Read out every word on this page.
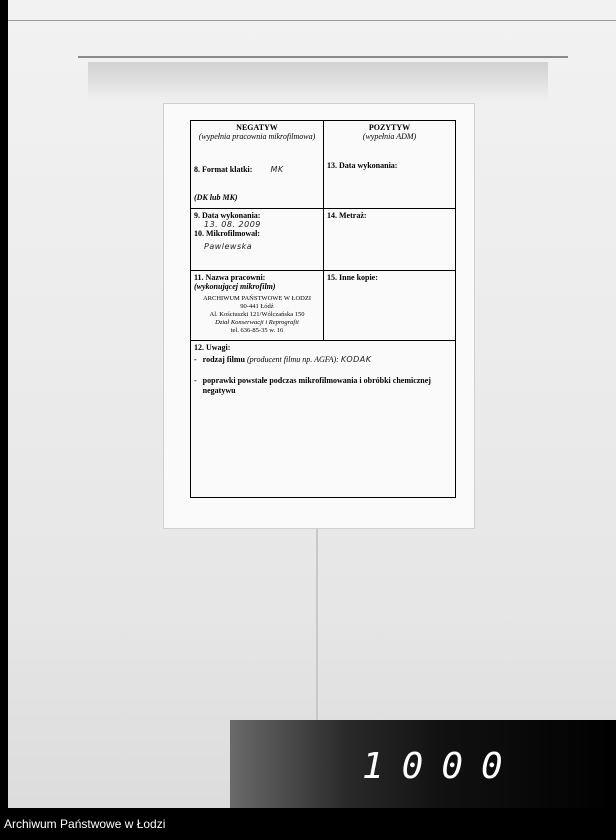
NEGATYW
(wypełnia pracownia mikrofilmowa)
8. Format klatki: MK
(DK lub MK)
POZYTYW
(wypełnia ADM)
13. Data wykonania:
9. Data wykonania:
13. 08. 2009
10. Mikrofilmował:
Pawlewska
14. Metraż:
11. Nazwa pracowni:
(wykonującej mikrofilm)
ARCHIWUM PAŃSTWOWE W ŁODZI
90-441 Łódź
Al. Kościuszki 121/Wólczańska 150
Dział Konserwacji i Reprografii
tel. 636-85-35 w. 16
15. Inne kopie:
12. Uwagi:
- rodzaj filmu (producent filmu np. AGFA): KODAK
- poprawki powstałe podczas mikrofilmowania i obróbki chemicznej negatywu
1000
Archiwum Państwowe w Łodzi
